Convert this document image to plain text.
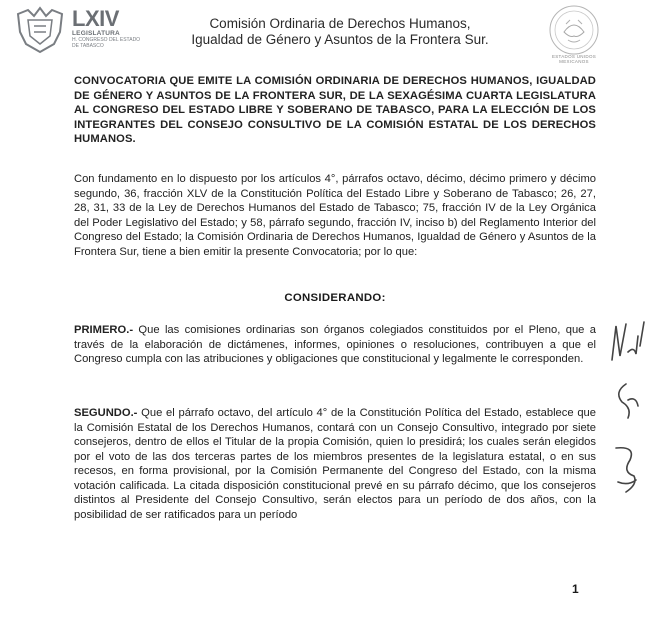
LXIV
LEGISLATURA
H. CONGRESO DEL ESTADO
DE TABASCO
Comisión Ordinaria de Derechos Humanos,
Igualdad de Género y Asuntos de la Frontera Sur.
ESTADOS UNIDOS MEXICANOS
CONVOCATORIA QUE EMITE LA COMISIÓN ORDINARIA DE DERECHOS HUMANOS, IGUALDAD DE GÉNERO Y ASUNTOS DE LA FRONTERA SUR, DE LA SEXAGÉSIMA CUARTA LEGISLATURA AL CONGRESO DEL ESTADO LIBRE Y SOBERANO DE TABASCO, PARA LA ELECCIÓN DE LOS INTEGRANTES DEL CONSEJO CONSULTIVO DE LA COMISIÓN ESTATAL DE LOS DERECHOS HUMANOS.
Con fundamento en lo dispuesto por los artículos 4°, párrafos octavo, décimo, décimo primero y décimo segundo, 36, fracción XLV de la Constitución Política del Estado Libre y Soberano de Tabasco; 26, 27, 28, 31, 33 de la Ley de Derechos Humanos del Estado de Tabasco; 75, fracción IV de la Ley Orgánica del Poder Legislativo del Estado; y 58, párrafo segundo, fracción IV, inciso b) del Reglamento Interior del Congreso del Estado; la Comisión Ordinaria de Derechos Humanos, Igualdad de Género y Asuntos de la Frontera Sur, tiene a bien emitir la presente Convocatoria; por lo que:
CONSIDERANDO:
PRIMERO.- Que las comisiones ordinarias son órganos colegiados constituidos por el Pleno, que a través de la elaboración de dictámenes, informes, opiniones o resoluciones, contribuyen a que el Congreso cumpla con las atribuciones y obligaciones que constitucional y legalmente le corresponden.
SEGUNDO.- Que el párrafo octavo, del artículo 4° de la Constitución Política del Estado, establece que la Comisión Estatal de los Derechos Humanos, contará con un Consejo Consultivo, integrado por siete consejeros, dentro de ellos el Titular de la propia Comisión, quien lo presidirá; los cuales serán elegidos por el voto de las dos terceras partes de los miembros presentes de la legislatura estatal, o en sus recesos, en forma provisional, por la Comisión Permanente del Congreso del Estado, con la misma votación calificada. La citada disposición constitucional prevé en su párrafo décimo, que los consejeros distintos al Presidente del Consejo Consultivo, serán electos para un período de dos años, con la posibilidad de ser ratificados para un período
1
